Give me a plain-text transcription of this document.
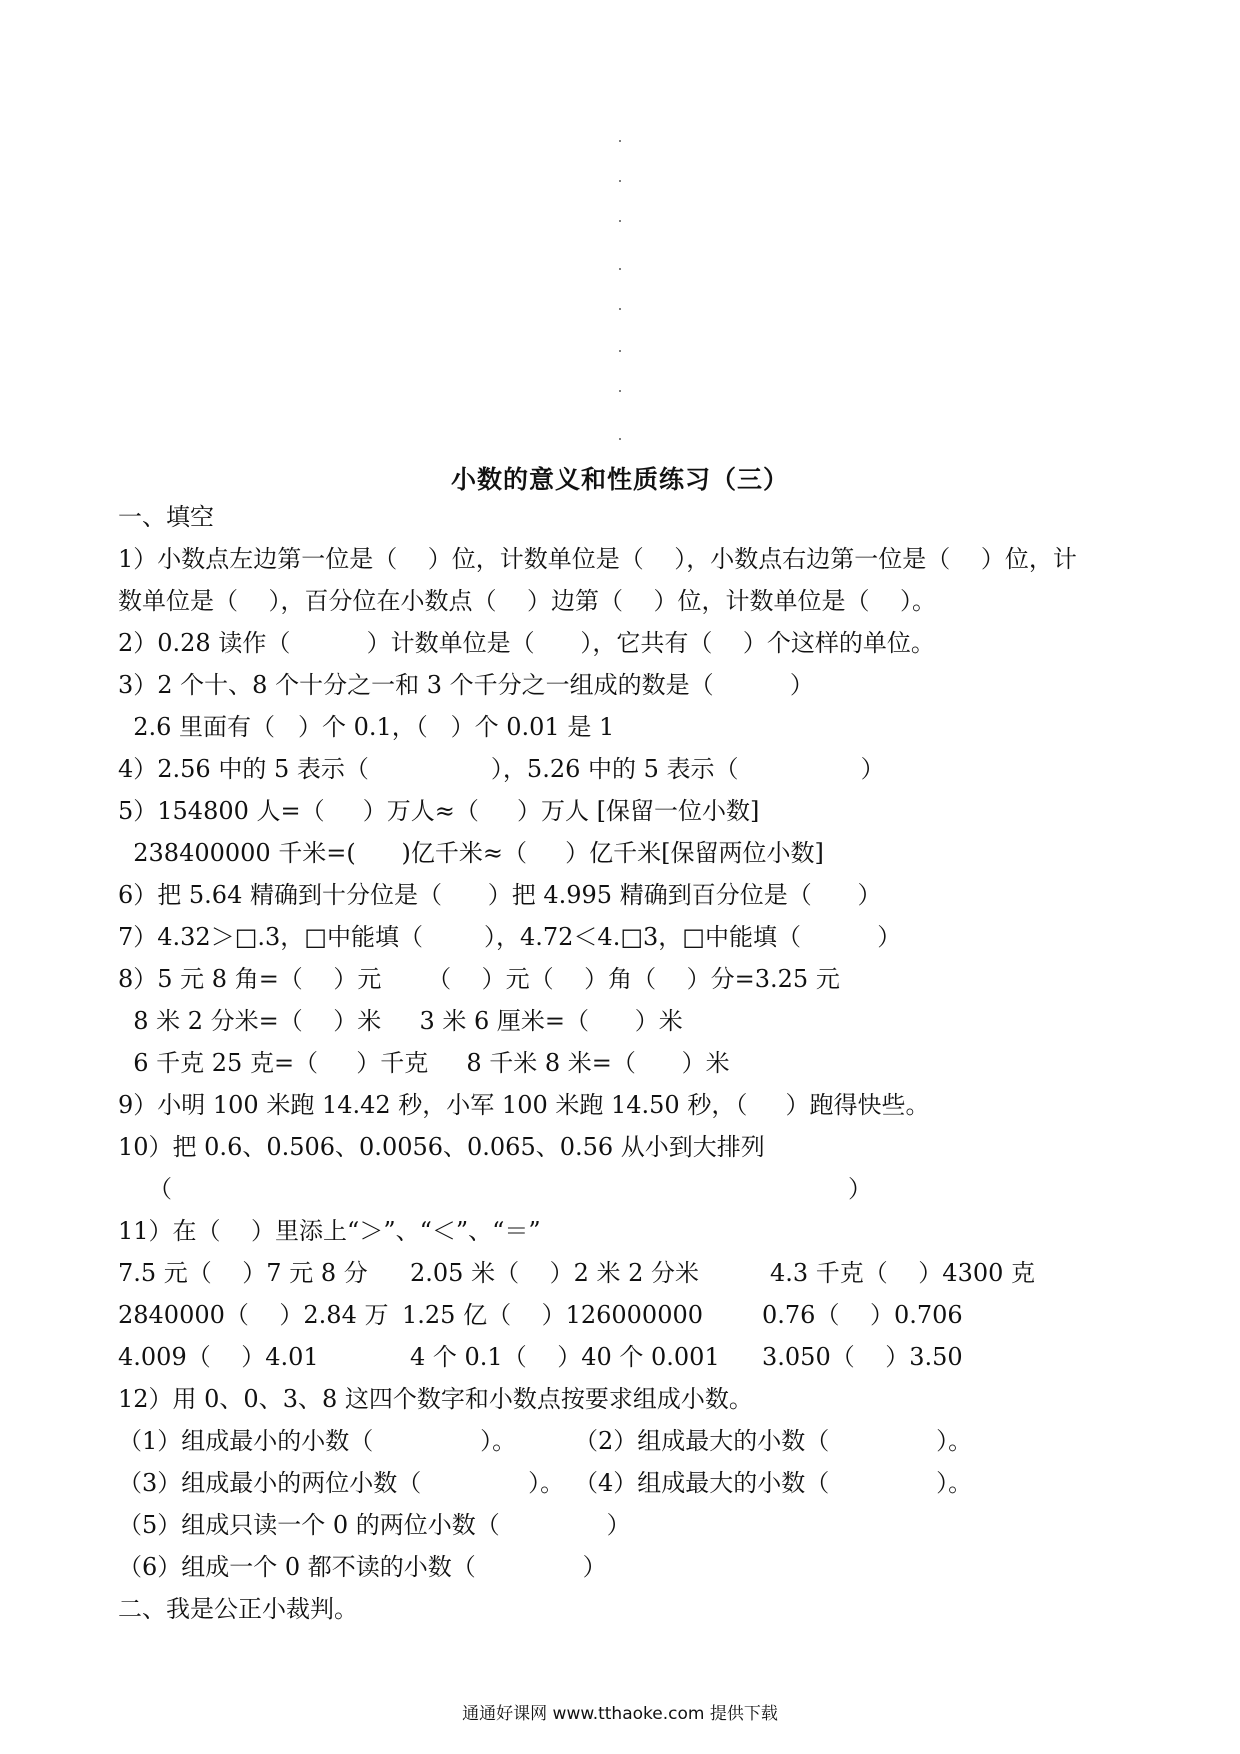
小数的意义和性质练习（三）
一、填空
1）小数点左边第一位是（    ）位，计数单位是（    ），小数点右边第一位是（    ）位，计
数单位是（    ），百分位在小数点（    ）边第（    ）位，计数单位是（    ）。
2）0.28 读作（          ）计数单位是（      ），它共有（    ）个这样的单位。
3）2 个十、8 个十分之一和 3 个千分之一组成的数是（          ）
2.6 里面有（   ）个 0.1，（   ）个 0.01 是 1
4）2.56 中的 5 表示（                ），5.26 中的 5 表示（                ）
5）154800 人=（     ）万人≈（     ）万人 [保留一位小数]
238400000 千米=(      )亿千米≈（     ）亿千米[保留两位小数]
6）把 5.64 精确到十分位是（      ）把 4.995 精确到百分位是（      ）
7）4.32＞□.3，□中能填（        ），4.72＜4.□3，□中能填（          ）
8）5 元 8 角=（    ）元      （    ）元（    ）角（    ）分=3.25 元
8 米 2 分米=（    ）米     3 米 6 厘米=（      ）米
6 千克 25 克=（     ）千克     8 千米 8 米=（      ）米
9）小明 100 米跑 14.42 秒，小军 100 米跑 14.50 秒，（     ）跑得快些。
10）把 0.6、0.506、0.0056、0.065、0.56 从小到大排列
（	）
11）在（    ）里添上“＞”、“＜”、“＝”
7.5 元（    ）7 元 8 分 2.05 米（    ）2 米 2 分米	4.3 千克（    ）4300 克
2840000（    ）2.84 万 1.25 亿（    ）126000000 0.76（    ）0.706
4.009（    ）4.01	4 个 0.1（    ）40 个 0.001 3.050（    ）3.50
12）用 0、0、3、8 这四个数字和小数点按要求组成小数。
（1）组成最小的小数（              ）。 （2）组成最大的小数（              ）。
（3）组成最小的两位小数（              ）。 （4）组成最大的小数（              ）。
（5）组成只读一个 0 的两位小数（              ）
（6）组成一个 0 都不读的小数（              ）
二、我是公正小裁判。
通通好课网 www.tthaoke.com 提供下载
